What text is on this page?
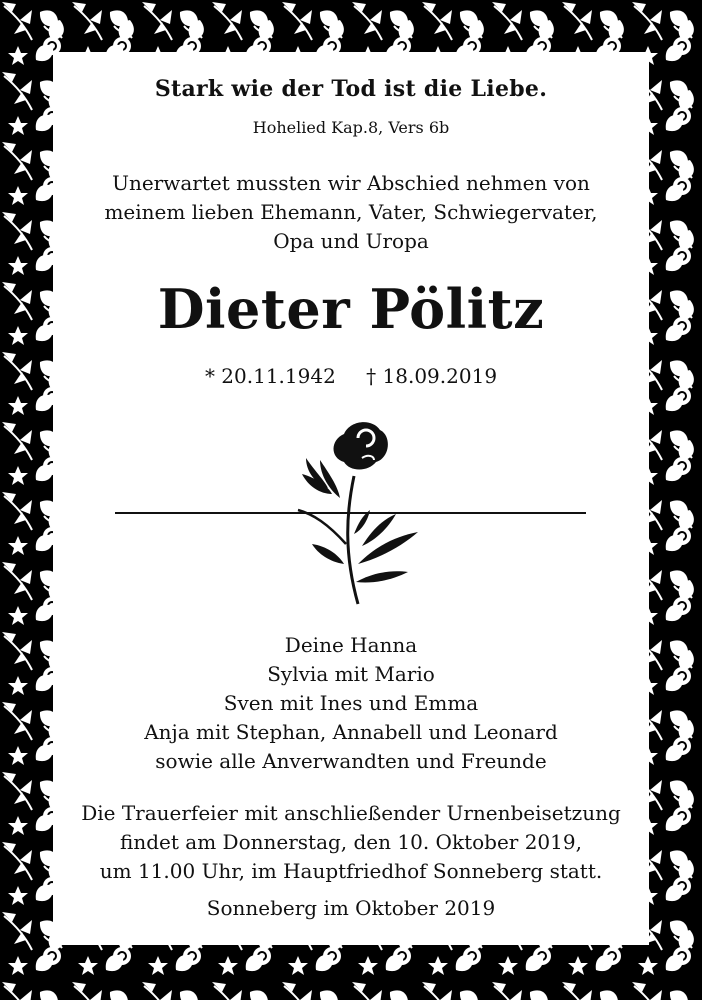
Stark wie der Tod ist die Liebe.
Hohelied Kap.8, Vers 6b
Unerwartet mussten wir Abschied nehmen von
meinem lieben Ehemann, Vater, Schwiegervater,
Opa und Uropa
Dieter Pölitz
* 20.11.1942 † 18.09.2019
Deine Hanna
Sylvia mit Mario
Sven mit Ines und Emma
Anja mit Stephan, Annabell und Leonard
sowie alle Anverwandten und Freunde
Die Trauerfeier mit anschließender Urnenbeisetzung
findet am Donnerstag, den 10. Oktober 2019,
um 11.00 Uhr, im Hauptfriedhof Sonneberg statt.
Sonneberg im Oktober 2019
